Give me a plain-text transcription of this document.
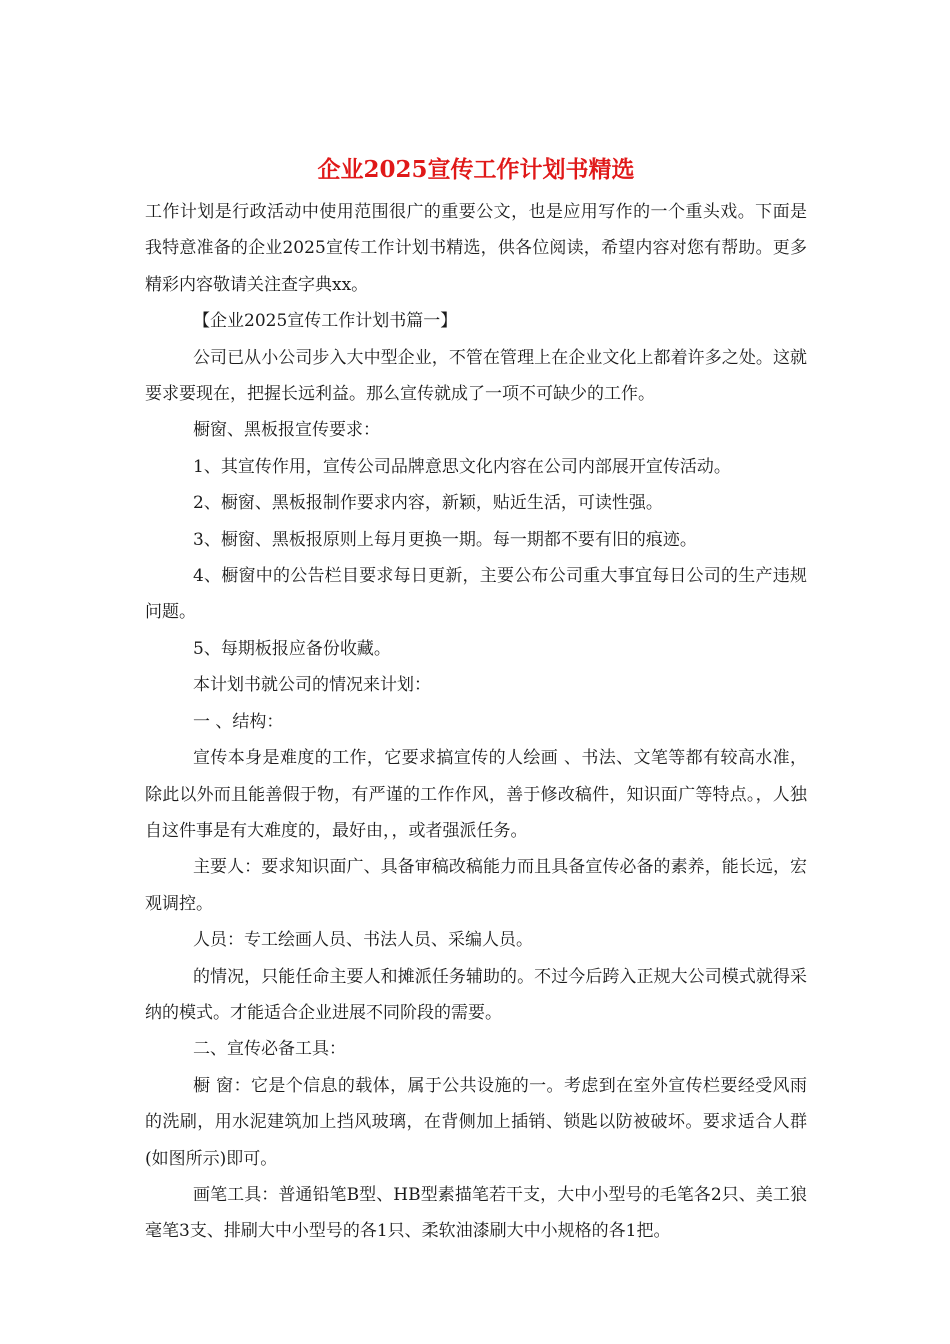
企业2025宣传工作计划书精选

工作计划是行政活动中使用范围很广的重要公文，也是应用写作的一个重头戏。下面是我特意准备的企业2025宣传工作计划书精选，供各位阅读，希望内容对您有帮助。更多精彩内容敬请关注查字典xx。

【企业2025宣传工作计划书篇一】

公司已从小公司步入大中型企业，不管在管理上在企业文化上都着许多之处。这就要求要现在，把握长远利益。那么宣传就成了一项不可缺少的工作。

橱窗、黑板报宣传要求：

1、其宣传作用，宣传公司品牌意思文化内容在公司内部展开宣传活动。

2、橱窗、黑板报制作要求内容，新颖，贴近生活，可读性强。

3、橱窗、黑板报原则上每月更换一期。每一期都不要有旧的痕迹。

4、橱窗中的公告栏目要求每日更新，主要公布公司重大事宜每日公司的生产违规问题。

5、每期板报应备份收藏。

本计划书就公司的情况来计划：

一 、结构：

宣传本身是难度的工作，它要求搞宣传的人绘画 、书法、文笔等都有较高水准，除此以外而且能善假于物，有严谨的工作作风，善于修改稿件，知识面广等特点。，人独自这件事是有大难度的，最好由，，或者强派任务。

主要人：要求知识面广、具备审稿改稿能力而且具备宣传必备的素养，能长远，宏观调控。

人员：专工绘画人员、书法人员、采编人员。

的情况，只能任命主要人和摊派任务辅助的。不过今后跨入正规大公司模式就得采纳的模式。才能适合企业进展不同阶段的需要。

二、宣传必备工具：

橱 窗：它是个信息的载体，属于公共设施的一。考虑到在室外宣传栏要经受风雨的洗刷，用水泥建筑加上挡风玻璃，在背侧加上插销、锁匙以防被破坏。要求适合人群(如图所示)即可。

画笔工具：普通铅笔B型、HB型素描笔若干支，大中小型号的毛笔各2只、美工狼毫笔3支、排刷大中小型号的各1只、柔软油漆刷大中小规格的各1把。
